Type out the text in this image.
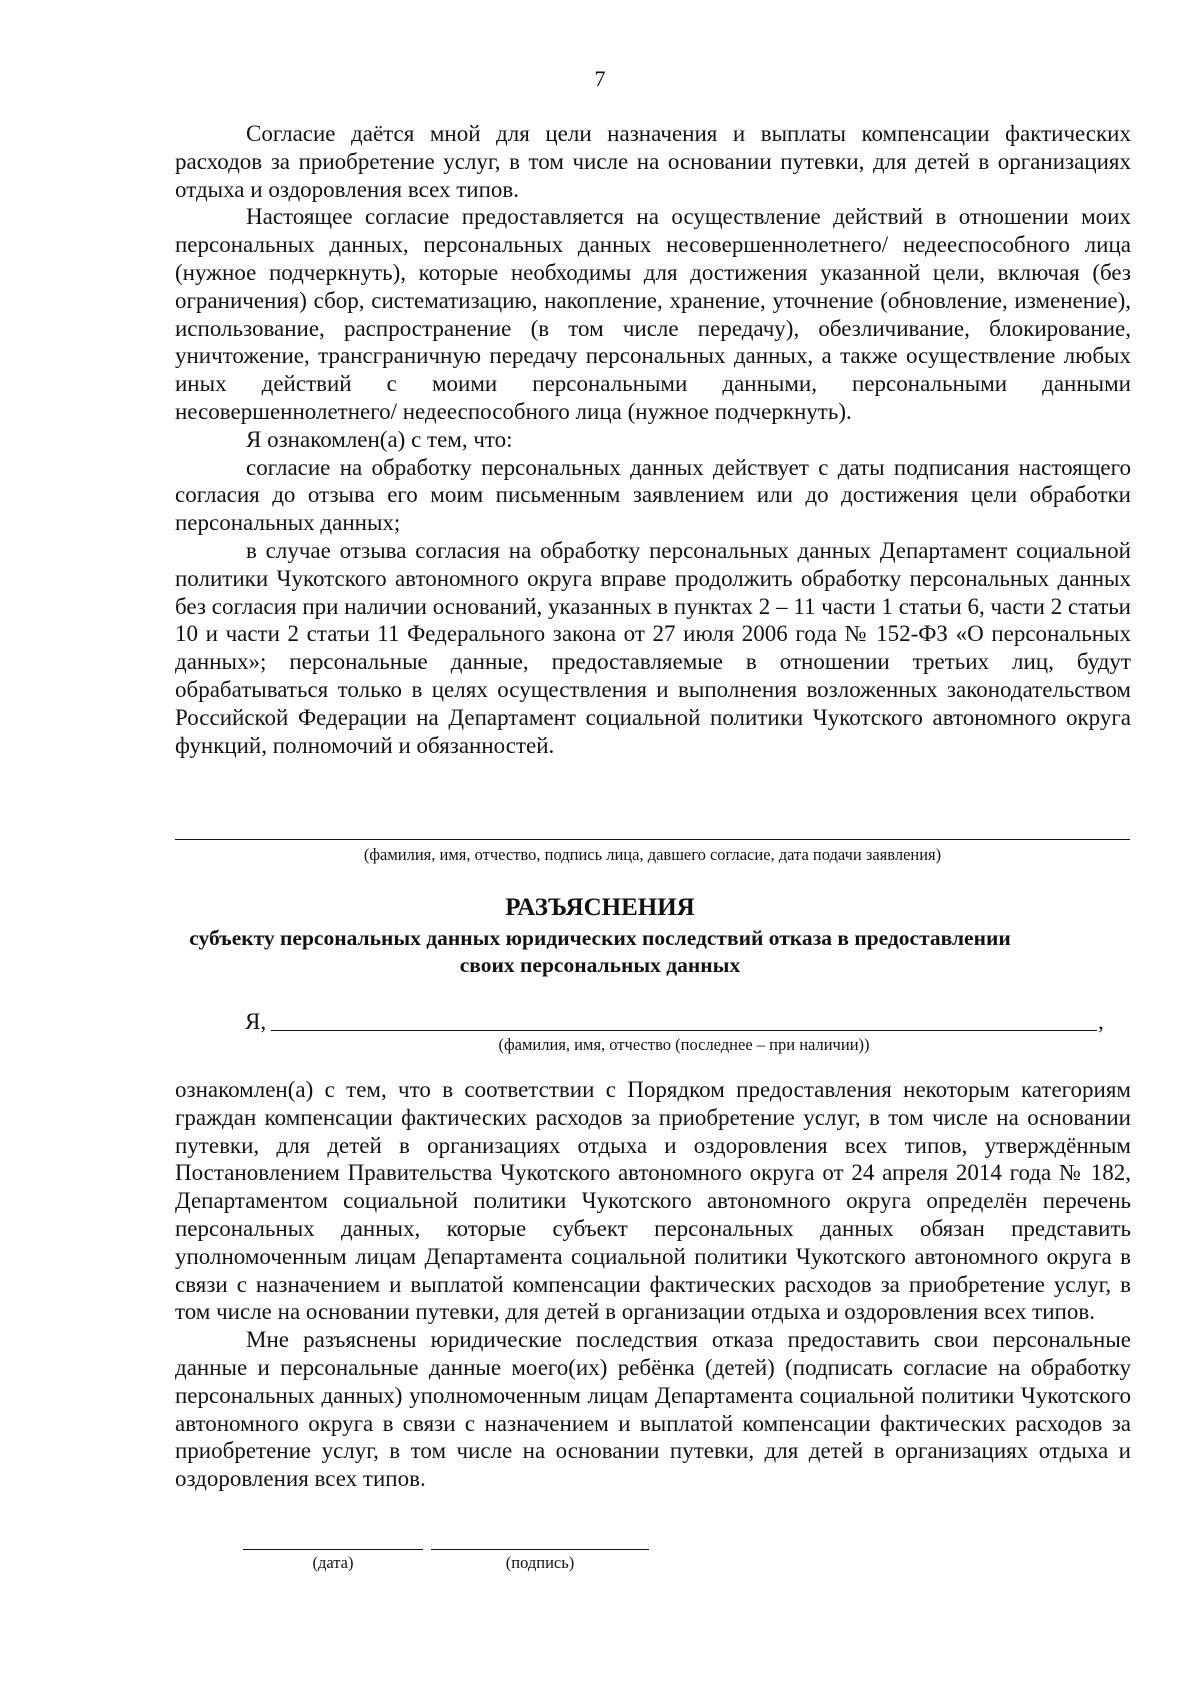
7

Согласие даётся мной для цели назначения и выплаты компенсации фактических расходов за приобретение услуг, в том числе на основании путевки, для детей в организациях отдыха и оздоровления всех типов.

Настоящее согласие предоставляется на осуществление действий в отношении моих персональных данных, персональных данных несовершеннолетнего/ недееспособного лица (нужное подчеркнуть), которые необходимы для достижения указанной цели, включая (без ограничения) сбор, систематизацию, накопление, хранение, уточнение (обновление, изменение), использование, распространение (в том числе передачу), обезличивание, блокирование, уничтожение, трансграничную передачу персональных данных, а также осуществление любых иных действий с моими персональными данными, персональными данными несовершеннолетнего/ недееспособного лица (нужное подчеркнуть).

Я ознакомлен(а) с тем, что:

согласие на обработку персональных данных действует с даты подписания настоящего согласия до отзыва его моим письменным заявлением или до достижения цели обработки персональных данных;

в случае отзыва согласия на обработку персональных данных Департамент социальной политики Чукотского автономного округа вправе продолжить обработку персональных данных без согласия при наличии оснований, указанных в пунктах 2 – 11 части 1 статьи 6, части 2 статьи 10 и части 2 статьи 11 Федерального закона от 27 июля 2006 года № 152-ФЗ «О персональных данных»; персональные данные, предоставляемые в отношении третьих лиц, будут обрабатываться только в целях осуществления и выполнения возложенных законодательством Российской Федерации на Департамент социальной политики Чукотского автономного округа функций, полномочий и обязанностей.

(фамилия, имя, отчество, подпись лица, давшего согласие, дата подачи заявления)
РАЗЪЯСНЕНИЯ
субъекту персональных данных юридических последствий отказа в предоставлении
своих персональных данных
Я,	,
(фамилия, имя, отчество (последнее – при наличии))

ознакомлен(а) с тем, что в соответствии с Порядком предоставления некоторым категориям граждан компенсации фактических расходов за приобретение услуг, в том числе на основании путевки, для детей в организациях отдыха и оздоровления всех типов, утверждённым Постановлением Правительства Чукотского автономного округа от 24 апреля 2014 года № 182, Департаментом социальной политики Чукотского автономного округа определён перечень персональных данных, которые субъект персональных данных обязан представить уполномоченным лицам Департамента социальной политики Чукотского автономного округа в связи с назначением и выплатой компенсации фактических расходов за приобретение услуг, в том числе на основании путевки, для детей в организации отдыха и оздоровления всех типов.

Мне разъяснены юридические последствия отказа предоставить свои персональные данные и персональные данные моего(их) ребёнка (детей) (подписать согласие на обработку персональных данных) уполномоченным лицам Департамента социальной политики Чукотского автономного округа в связи с назначением и выплатой компенсации фактических расходов за приобретение услуг, в том числе на основании путевки, для детей в организациях отдыха и оздоровления всех типов.

(дата)	(подпись)
